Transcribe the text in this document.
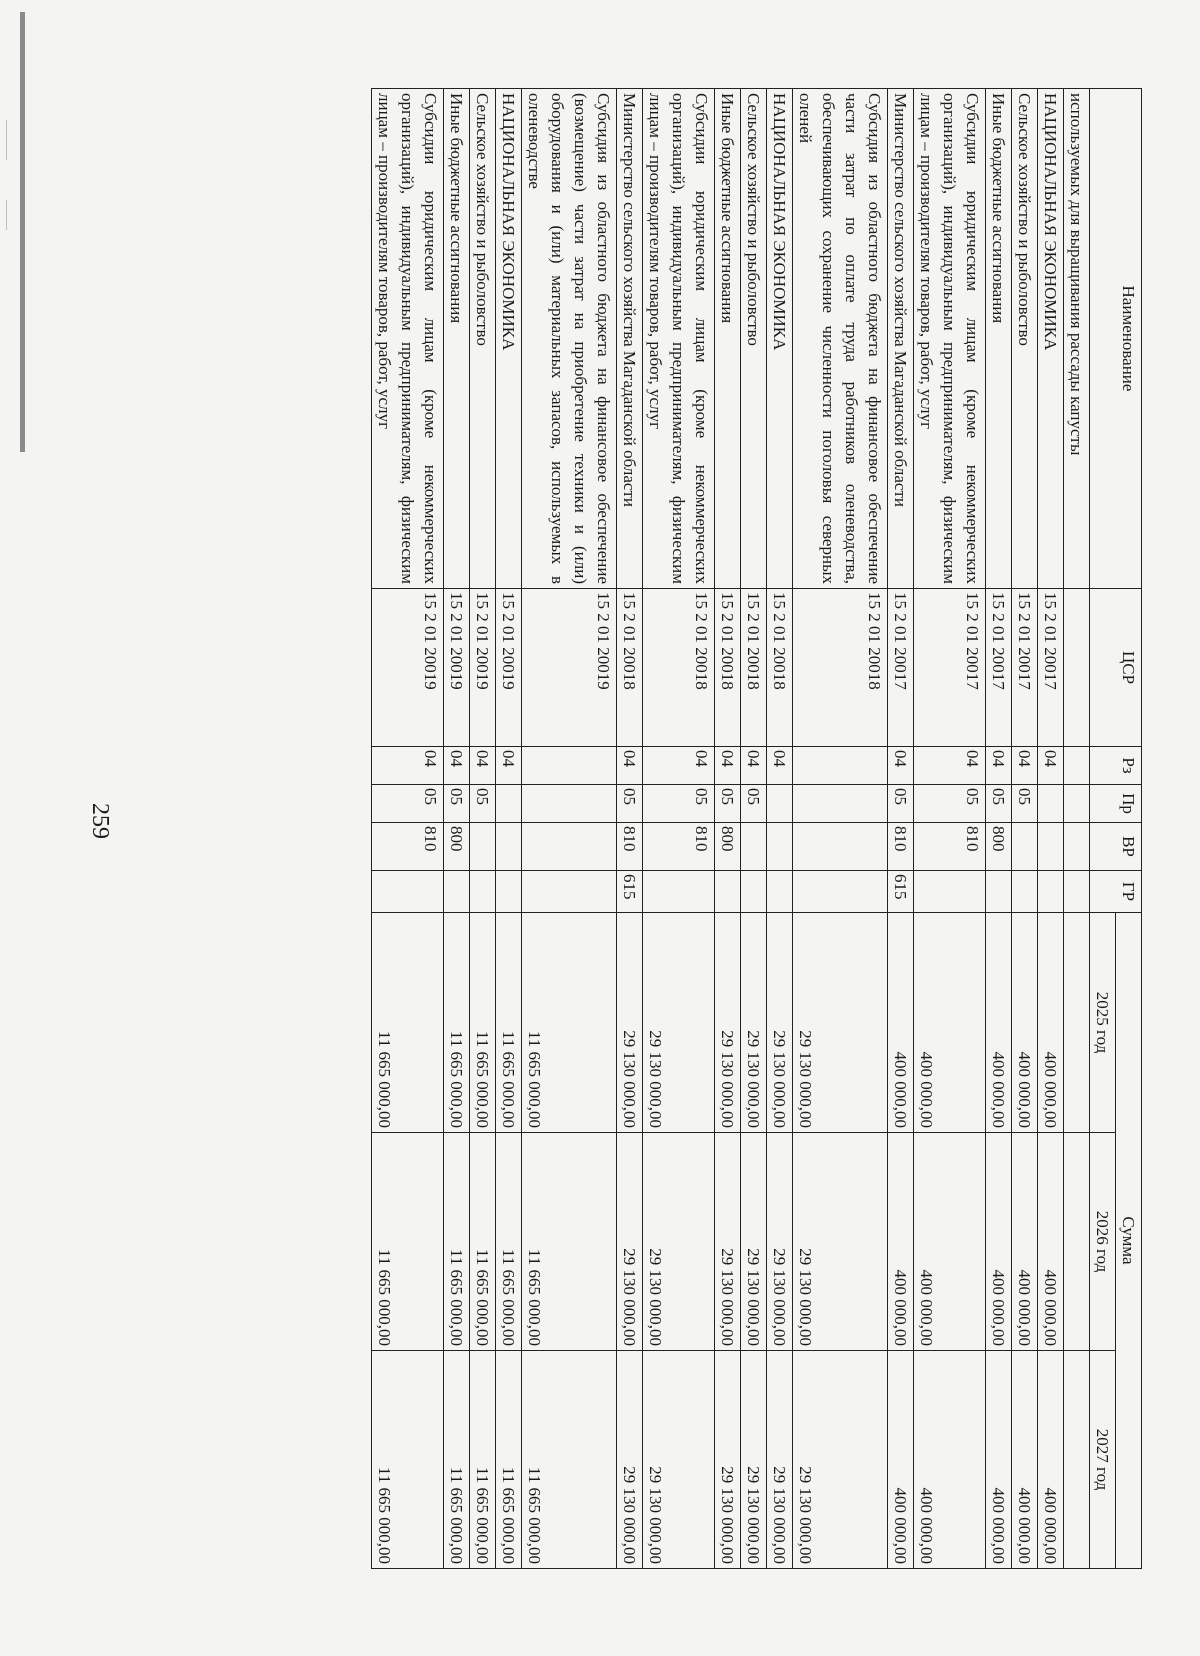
259
Наименование	ЦСР	Рз	Пр	ВР	ГР	Сумма		
						2025 год	2026 год	2027 год
используемых для выращивания рассады капусты								
НАЦИОНАЛЬНАЯ ЭКОНОМИКА	15 2 01 20017	04				400 000,00	400 000,00	400 000,00
Сельское хозяйство и рыболовство	15 2 01 20017	04	05			400 000,00	400 000,00	400 000,00
Иные бюджетные ассигнования	15 2 01 20017	04	05	800		400 000,00	400 000,00	400 000,00
Субсидии юридическим лицам (кроме некоммерческих организаций), индивидуальным предпринимателям, физическим лицам – производителям товаров, работ, услуг	15 2 01 20017	04	05	810		400 000,00	400 000,00	400 000,00
Министерство сельского хозяйства Магаданской области	15 2 01 20017	04	05	810	615	400 000,00	400 000,00	400 000,00
Субсидия из областного бюджета на финансовое обеспечение части затрат по оплате труда работников оленеводства, обеспечивающих сохранение численности поголовья северных оленей	15 2 01 20018					29 130 000,00	29 130 000,00	29 130 000,00
НАЦИОНАЛЬНАЯ ЭКОНОМИКА	15 2 01 20018	04				29 130 000,00	29 130 000,00	29 130 000,00
Сельское хозяйство и рыболовство	15 2 01 20018	04	05			29 130 000,00	29 130 000,00	29 130 000,00
Иные бюджетные ассигнования	15 2 01 20018	04	05	800		29 130 000,00	29 130 000,00	29 130 000,00
Субсидии юридическим лицам (кроме некоммерческих организаций), индивидуальным предпринимателям, физическим лицам – производителям товаров, работ, услуг	15 2 01 20018	04	05	810		29 130 000,00	29 130 000,00	29 130 000,00
Министерство сельского хозяйства Магаданской области	15 2 01 20018	04	05	810	615	29 130 000,00	29 130 000,00	29 130 000,00
Субсидия из областного бюджета на финансовое обеспечение (возмещение) части затрат на приобретение техники и (или) оборудования и (или) материальных запасов, используемых в оленеводстве	15 2 01 20019					11 665 000,00	11 665 000,00	11 665 000,00
НАЦИОНАЛЬНАЯ ЭКОНОМИКА	15 2 01 20019	04				11 665 000,00	11 665 000,00	11 665 000,00
Сельское хозяйство и рыболовство	15 2 01 20019	04	05			11 665 000,00	11 665 000,00	11 665 000,00
Иные бюджетные ассигнования	15 2 01 20019	04	05	800		11 665 000,00	11 665 000,00	11 665 000,00
Субсидии юридическим лицам (кроме некоммерческих организаций), индивидуальным предпринимателям, физическим лицам – производителям товаров, работ, услуг	15 2 01 20019	04	05	810		11 665 000,00	11 665 000,00	11 665 000,00
